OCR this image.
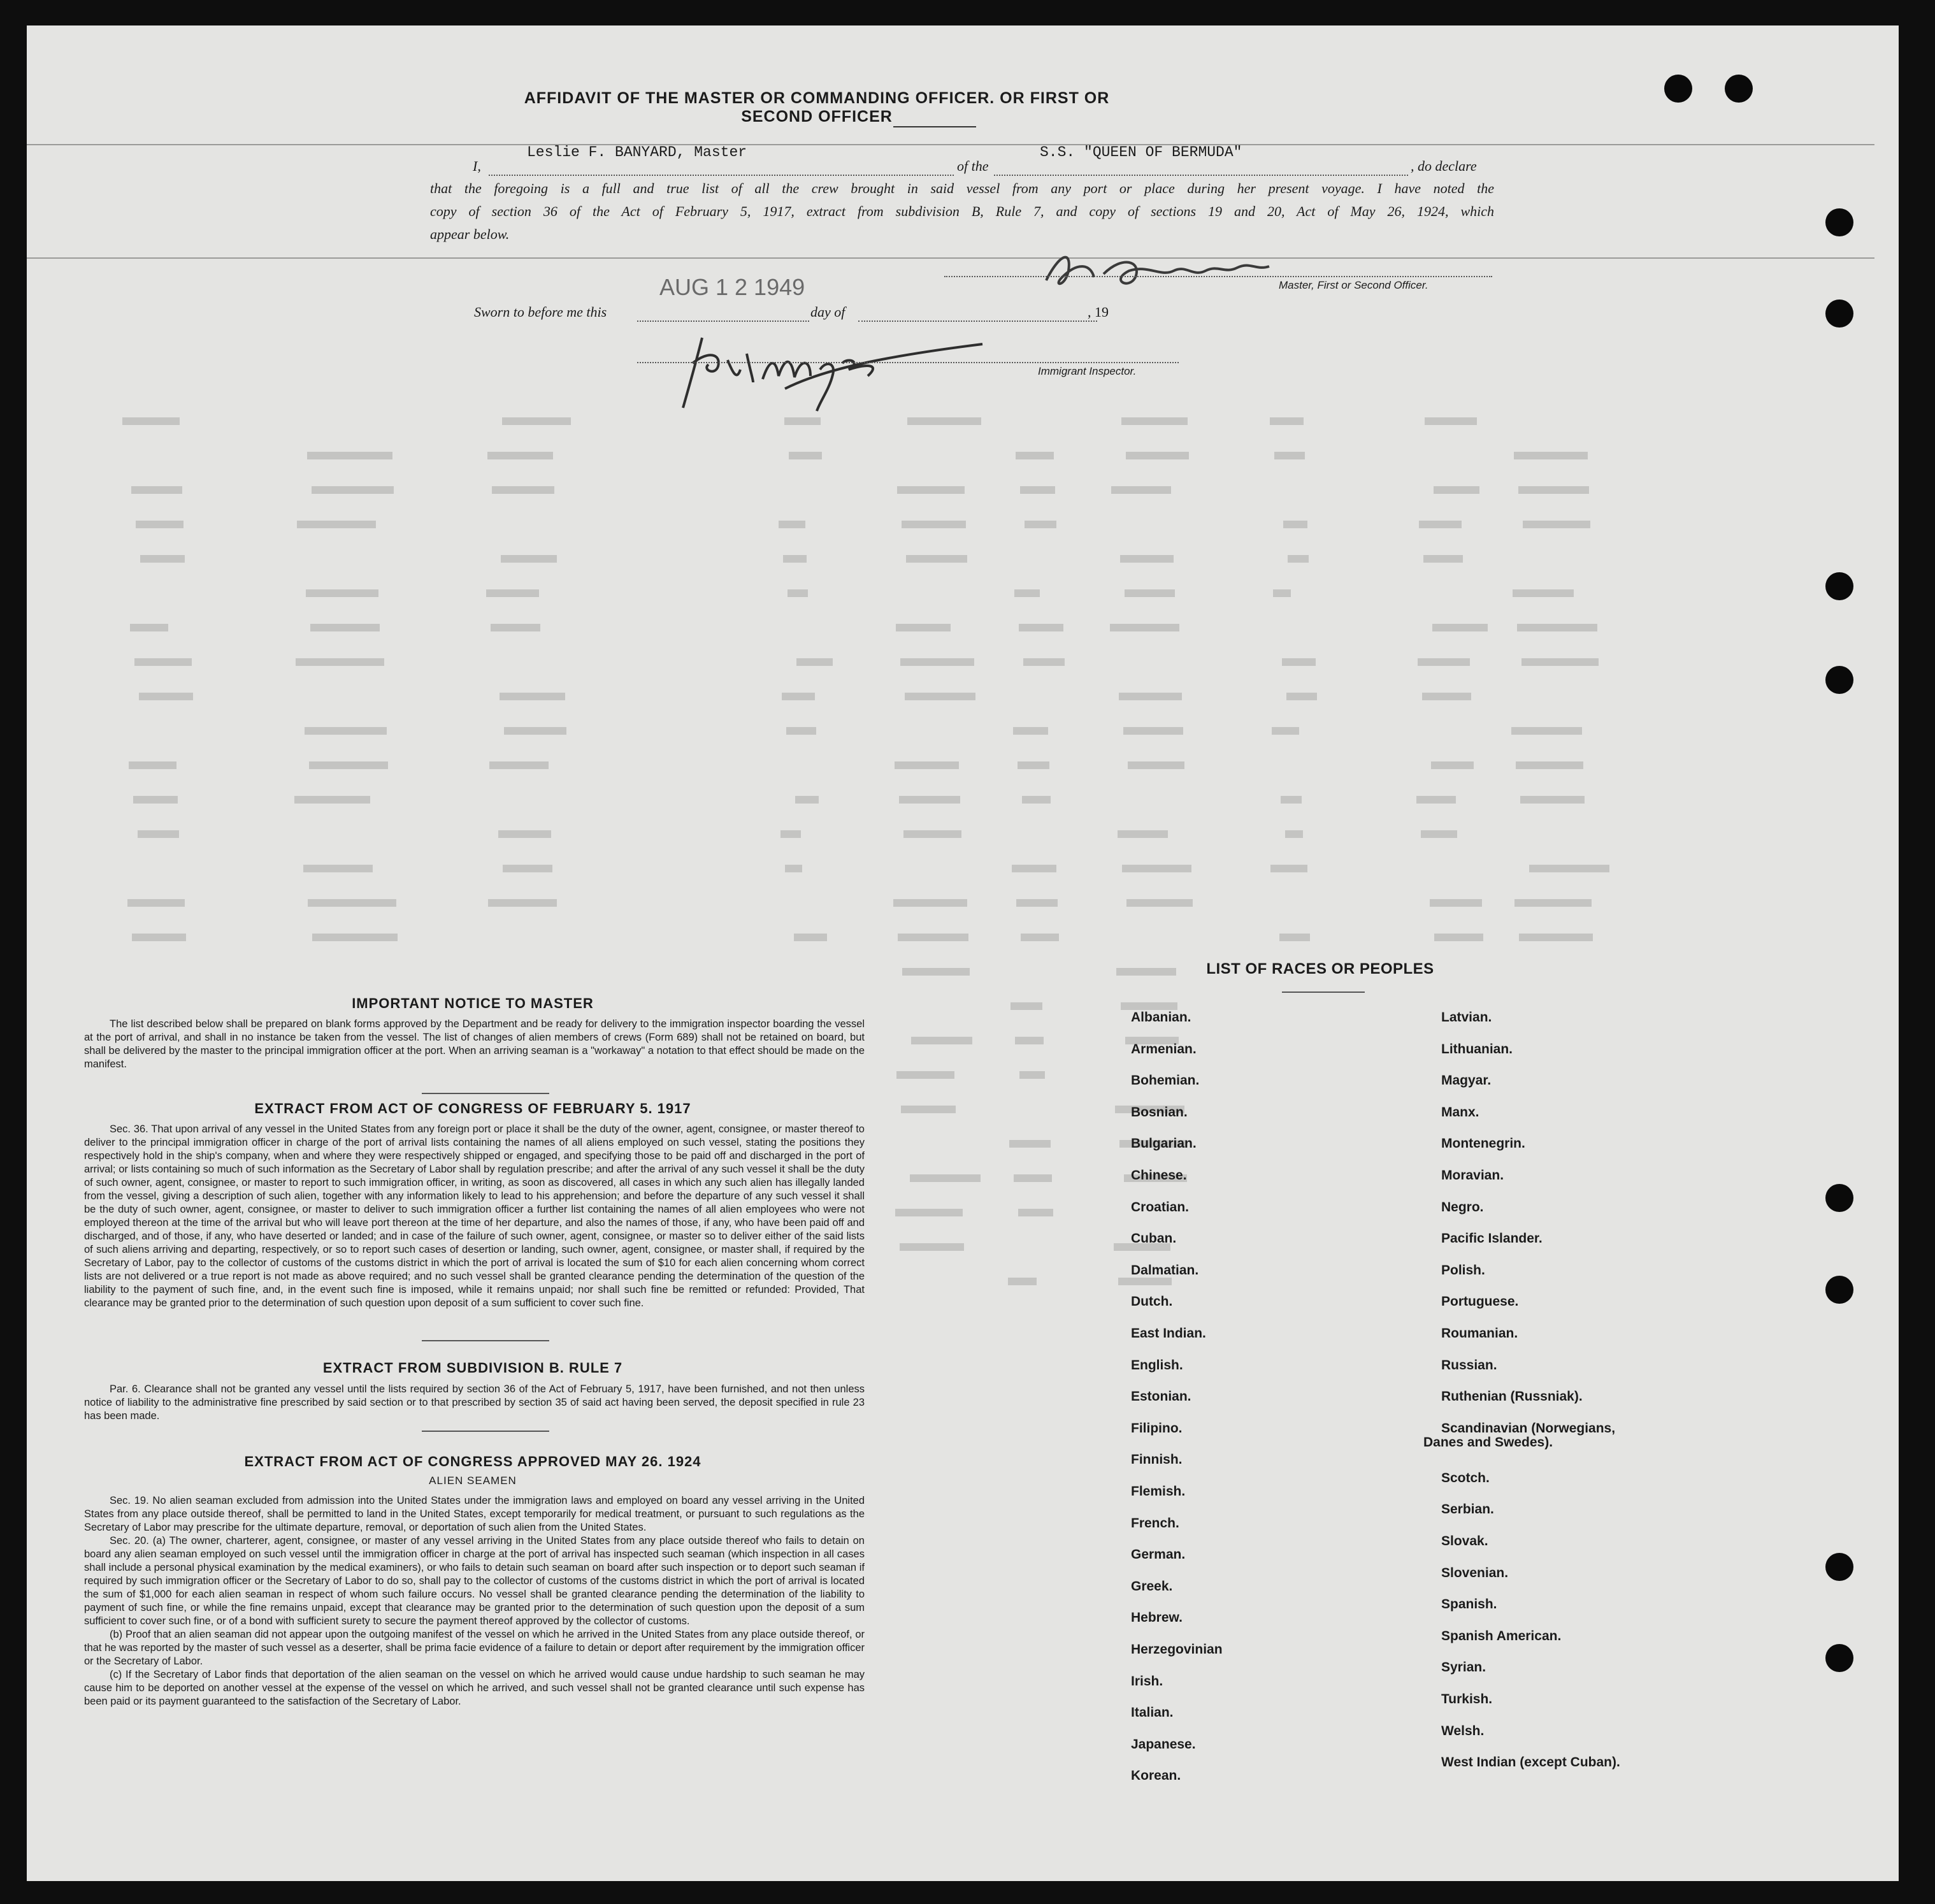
AFFIDAVIT OF THE MASTER OR COMMANDING OFFICER. OR FIRST OR SECOND OFFICER
I,
Leslie F. BANYARD, Master
of the
S.S. "QUEEN OF BERMUDA"
, do declare
that the foregoing is a full and true list of all the crew brought in said vessel from any port or place during her present voyage. I have noted the
copy of section 36 of the Act of February 5, 1917, extract from subdivision B, Rule 7, and copy of sections 19 and 20, Act of May 26, 1924, which
appear below.
Master, First or Second Officer.
AUG 1 2 1949
Sworn to before me this	day of	, 19
Immigrant Inspector.
IMPORTANT NOTICE TO MASTER

The list described below shall be prepared on blank forms approved by the Department and be ready for delivery to the immigration inspector boarding the vessel at the port of arrival, and shall in no instance be taken from the vessel. The list of changes of alien members of crews (Form 689) shall not be retained on board, but shall be delivered by the master to the principal immigration officer at the port. When an arriving seaman is a "workaway" a notation to that effect should be made on the manifest.

EXTRACT FROM ACT OF CONGRESS OF FEBRUARY 5. 1917

Sec. 36. That upon arrival of any vessel in the United States from any foreign port or place it shall be the duty of the owner, agent, consignee, or master thereof to deliver to the principal immigration officer in charge of the port of arrival lists containing the names of all aliens employed on such vessel, stating the positions they respectively hold in the ship's company, when and where they were respectively shipped or engaged, and specifying those to be paid off and discharged in the port of arrival; or lists containing so much of such information as the Secretary of Labor shall by regulation prescribe; and after the arrival of any such vessel it shall be the duty of such owner, agent, consignee, or master to report to such immigration officer, in writing, as soon as discovered, all cases in which any such alien has illegally landed from the vessel, giving a description of such alien, together with any information likely to lead to his apprehension; and before the departure of any such vessel it shall be the duty of such owner, agent, consignee, or master to deliver to such immigration officer a further list containing the names of all alien employees who were not employed thereon at the time of the arrival but who will leave port thereon at the time of her departure, and also the names of those, if any, who have been paid off and discharged, and of those, if any, who have deserted or landed; and in case of the failure of such owner, agent, consignee, or master so to deliver either of the said lists of such aliens arriving and departing, respectively, or so to report such cases of desertion or landing, such owner, agent, consignee, or master shall, if required by the Secretary of Labor, pay to the collector of customs of the customs district in which the port of arrival is located the sum of $10 for each alien concerning whom correct lists are not delivered or a true report is not made as above required; and no such vessel shall be granted clearance pending the determination of the question of the liability to the payment of such fine, and, in the event such fine is imposed, while it remains unpaid; nor shall such fine be remitted or refunded: Provided, That clearance may be granted prior to the determination of such question upon deposit of a sum sufficient to cover such fine.

EXTRACT FROM SUBDIVISION B. RULE 7

Par. 6. Clearance shall not be granted any vessel until the lists required by section 36 of the Act of February 5, 1917, have been furnished, and not then unless notice of liability to the administrative fine prescribed by said section or to that prescribed by section 35 of said act having been served, the deposit specified in rule 23 has been made.

EXTRACT FROM ACT OF CONGRESS APPROVED MAY 26. 1924
ALIEN SEAMEN

Sec. 19. No alien seaman excluded from admission into the United States under the immigration laws and employed on board any vessel arriving in the United States from any place outside thereof, shall be permitted to land in the United States, except temporarily for medical treatment, or pursuant to such regulations as the Secretary of Labor may prescribe for the ultimate departure, removal, or deportation of such alien from the United States.

Sec. 20. (a) The owner, charterer, agent, consignee, or master of any vessel arriving in the United States from any place outside thereof who fails to detain on board any alien seaman employed on such vessel until the immigration officer in charge at the port of arrival has inspected such seaman (which inspection in all cases shall include a personal physical examination by the medical examiners), or who fails to detain such seaman on board after such inspection or to deport such seaman if required by such immigration officer or the Secretary of Labor to do so, shall pay to the collector of customs of the customs district in which the port of arrival is located the sum of $1,000 for each alien seaman in respect of whom such failure occurs. No vessel shall be granted clearance pending the determination of the liability to payment of such fine, or while the fine remains unpaid, except that clearance may be granted prior to the determination of such question upon the deposit of a sum sufficient to cover such fine, or of a bond with sufficient surety to secure the payment thereof approved by the collector of customs.

(b) Proof that an alien seaman did not appear upon the outgoing manifest of the vessel on which he arrived in the United States from any place outside thereof, or that he was reported by the master of such vessel as a deserter, shall be prima facie evidence of a failure to detain or deport after requirement by the immigration officer or the Secretary of Labor.

(c) If the Secretary of Labor finds that deportation of the alien seaman on the vessel on which he arrived would cause undue hardship to such seaman he may cause him to be deported on another vessel at the expense of the vessel on which he arrived, and such vessel shall not be granted clearance until such expense has been paid or its payment guaranteed to the satisfaction of the Secretary of Labor.

LIST OF RACES OR PEOPLES
Albanian.
Armenian.
Bohemian.
Bosnian.
Bulgarian.
Chinese.
Croatian.
Cuban.
Dalmatian.
Dutch.
East Indian.
English.
Estonian.
Filipino.
Finnish.
Flemish.
French.
German.
Greek.
Hebrew.
Herzegovinian
Irish.
Italian.
Japanese.
Korean.
Latvian.
Lithuanian.
Magyar.
Manx.
Montenegrin.
Moravian.
Negro.
Pacific Islander.
Polish.
Portuguese.
Roumanian.
Russian.
Ruthenian (Russniak).
Scandinavian (Norwegians,
Danes and Swedes).
Scotch.
Serbian.
Slovak.
Slovenian.
Spanish.
Spanish American.
Syrian.
Turkish.
Welsh.
West Indian (except Cuban).
